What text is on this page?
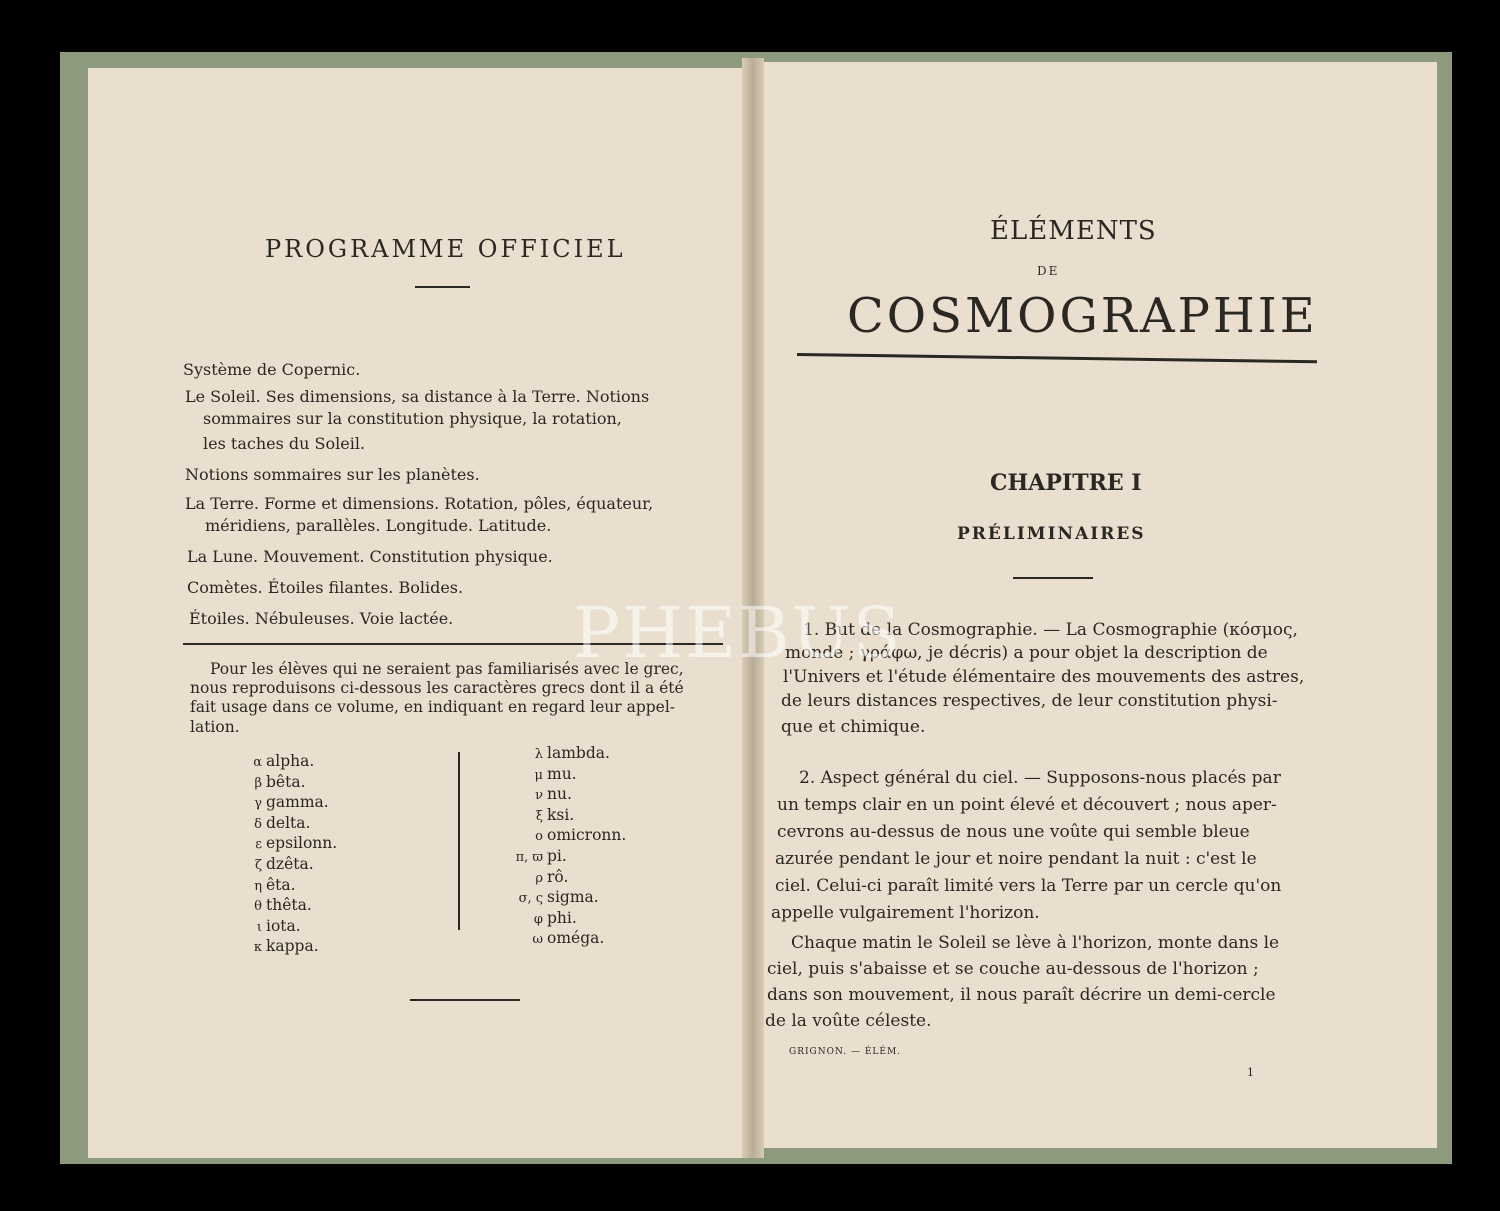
PROGRAMME OFFICIEL
Système de Copernic.
Le Soleil. Ses dimensions, sa distance à la Terre. Notions
sommaires sur la constitution physique, la rotation,
les taches du Soleil.
Notions sommaires sur les planètes.
La Terre. Forme et dimensions. Rotation, pôles, équateur,
méridiens, parallèles. Longitude. Latitude.
La Lune. Mouvement. Constitution physique.
Comètes. Étoiles filantes. Bolides.
Étoiles. Nébuleuses. Voie lactée.
Pour les élèves qui ne seraient pas familiarisés avec le grec,
nous reproduisons ci-dessous les caractères grecs dont il a été
fait usage dans ce volume, en indiquant en regard leur appel-
lation.
α alpha.
β bêta.
γ gamma.
δ delta.
ε epsilonn.
ζ dzêta.
η êta.
θ thêta.
ι iota.
κ kappa.
λ lambda.
μ mu.
ν nu.
ξ ksi.
ο omicronn.
π, ϖ pi.
ρ rô.
σ, ς sigma.
φ phi.
ω oméga.
ÉLÉMENTS
DE
COSMOGRAPHIE
CHAPITRE I
PRÉLIMINAIRES
1. But de la Cosmographie. — La Cosmographie (κόσμος,
monde ; γράφω, je décris) a pour objet la description de
l'Univers et l'étude élémentaire des mouvements des astres,
de leurs distances respectives, de leur constitution physi-
que et chimique.
2. Aspect général du ciel. — Supposons-nous placés par
un temps clair en un point élevé et découvert ; nous aper-
cevrons au-dessus de nous une voûte qui semble bleue
azurée pendant le jour et noire pendant la nuit : c'est le
ciel. Celui-ci paraît limité vers la Terre par un cercle qu'on
appelle vulgairement l'horizon.
Chaque matin le Soleil se lève à l'horizon, monte dans le
ciel, puis s'abaisse et se couche au-dessous de l'horizon ;
dans son mouvement, il nous paraît décrire un demi-cercle
de la voûte céleste.
GRIGNON. — ÉLÉM.
1
PHEBUS
